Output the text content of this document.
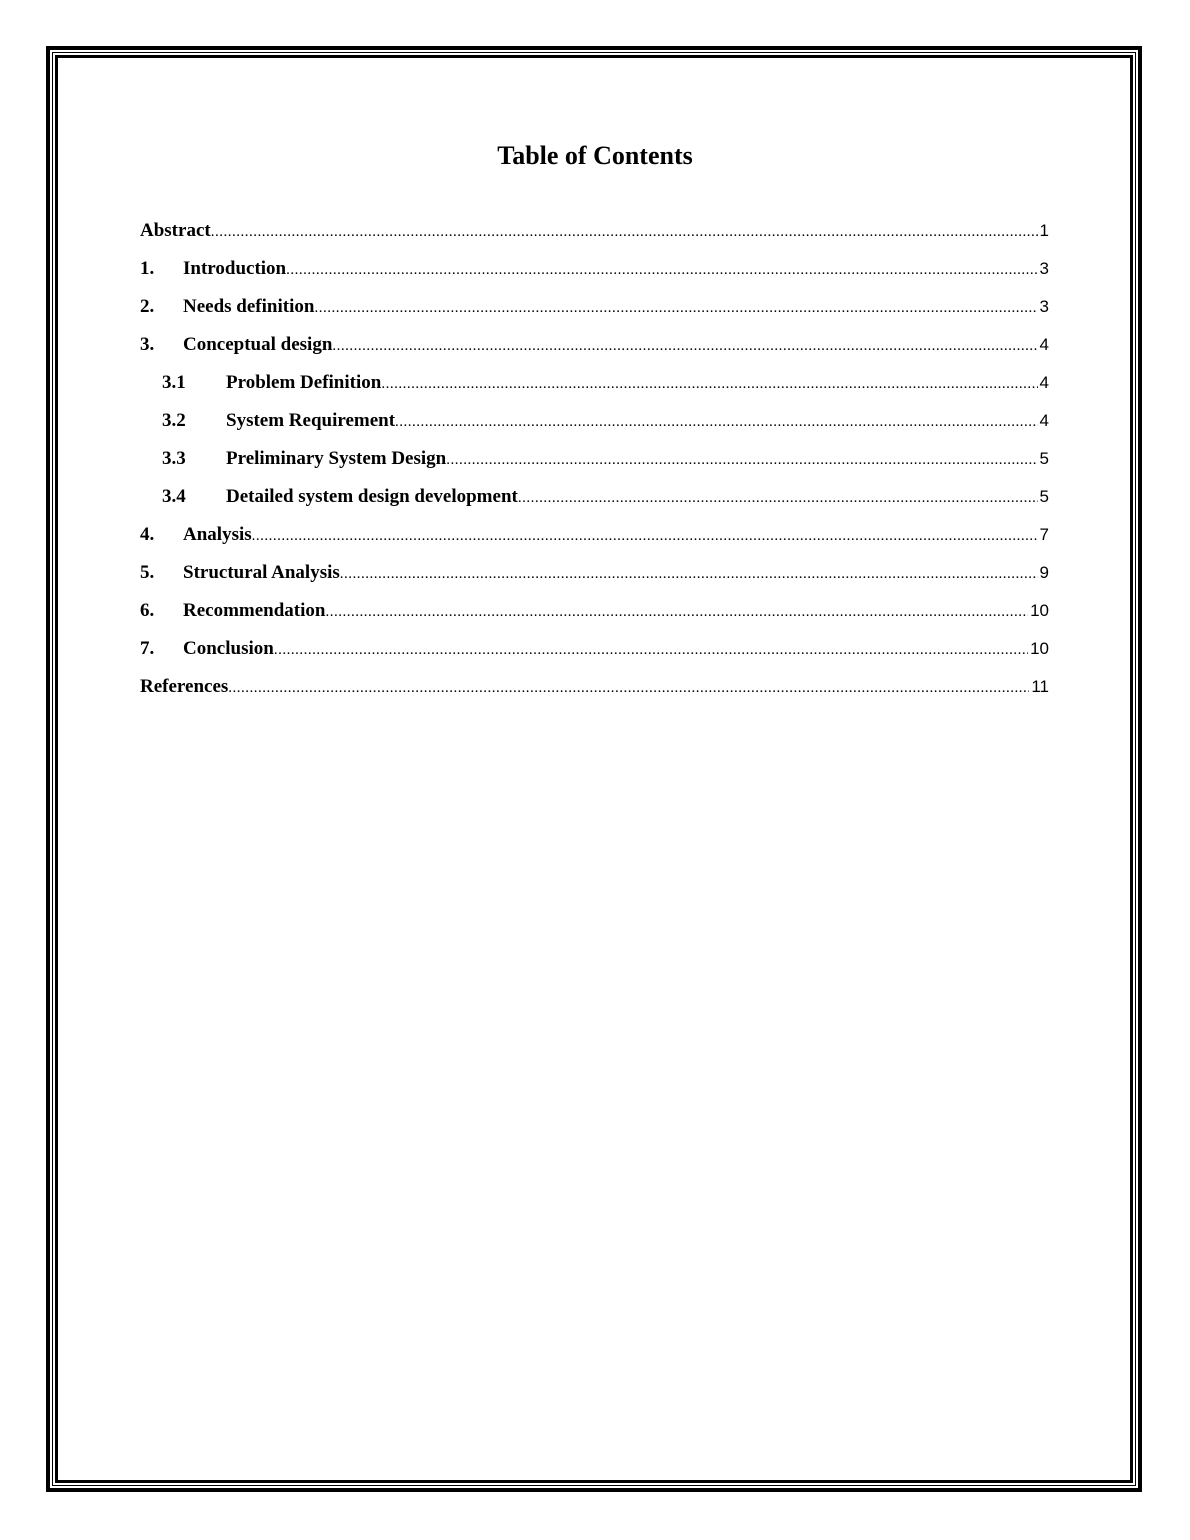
Table of Contents
Abstract .....	1
1.	Introduction .....	3
2.	Needs definition .....	3
3.	Conceptual design .....	4
3.1	Problem Definition .....	4
3.2	System Requirement .....	4
3.3	Preliminary System Design .....	5
3.4	Detailed system design development .....	5
4.	Analysis .....	7
5.	Structural Analysis .....	9
6.	Recommendation .....	10
7.	Conclusion .....	10
References .....	11
